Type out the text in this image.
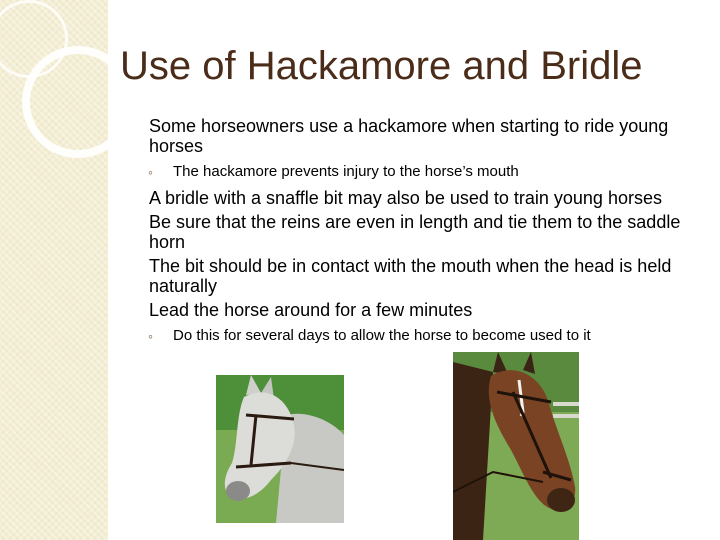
Use of Hackamore and Bridle
Some horseowners use a hackamore when starting to ride young horses
◦ The hackamore prevents injury to the horse’s mouth
A bridle with a snaffle bit may also be used to train young horses
Be sure that the reins are even in length and tie them to the saddle horn
The bit should be in contact with the mouth when the head is held naturally
Lead the horse around for a few minutes
◦ Do this for several days to allow the horse to become used to it
